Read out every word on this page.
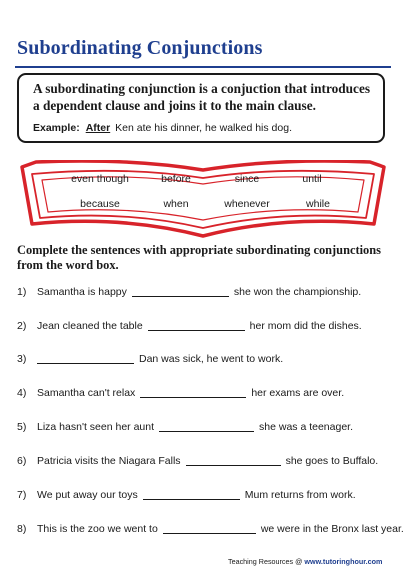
Subordinating Conjunctions
A subordinating conjunction is a conjuction that introduces a dependent clause and joins it to the main clause.
Example: After Ken ate his dinner, he walked his dog.
even though	before	since	until
because	when	whenever	while
Complete the sentences with appropriate subordinating conjunctions from the word box.
1)	Samantha is happy	she won the championship.
2)	Jean cleaned the table	her mom did the dishes.
3)	Dan was sick, he went to work.
4)	Samantha can't relax	her exams are over.
5)	Liza hasn't seen her aunt	she was a teenager.
6)	Patricia visits the Niagara Falls	she goes to Buffalo.
7)	We put away our toys	Mum returns from work.
8)	This is the zoo we went to	we were in the Bronx last year.
Teaching Resources @ www.tutoringhour.com
